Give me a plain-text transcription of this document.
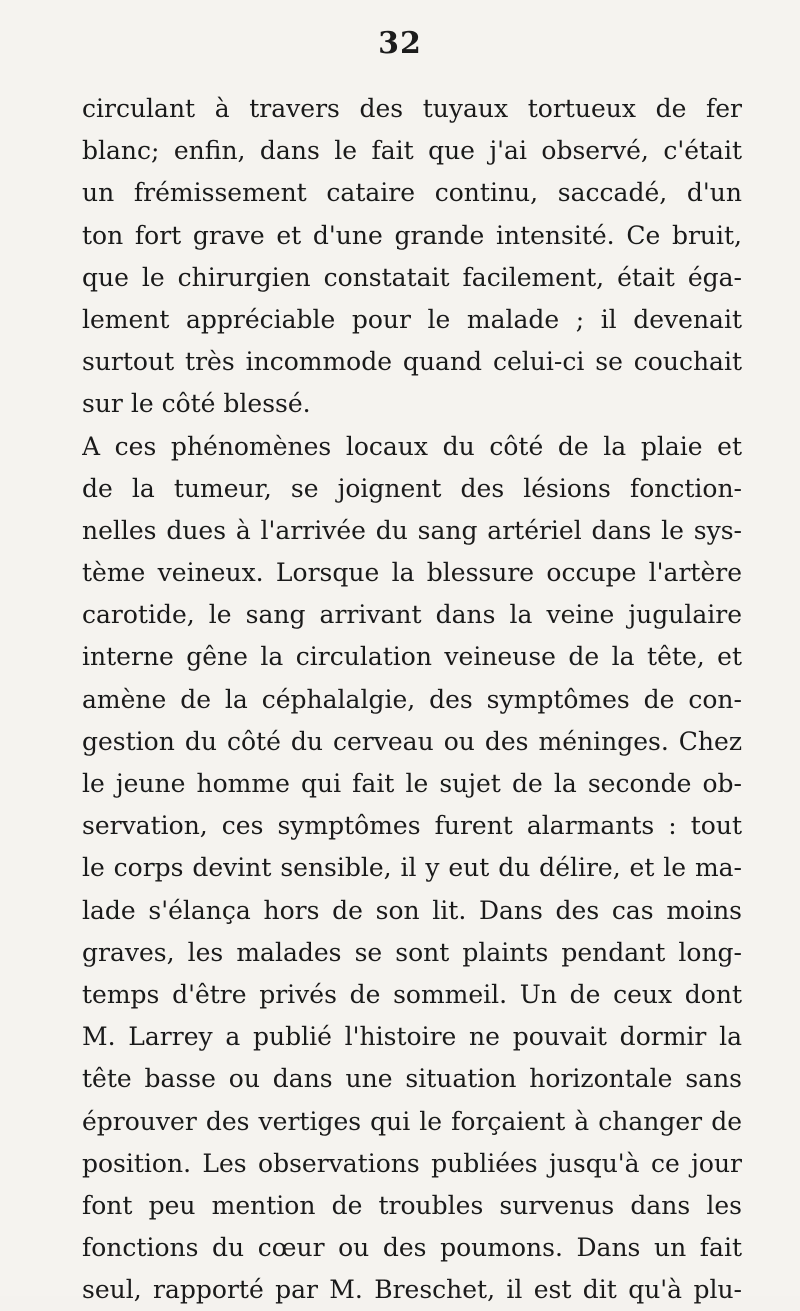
32
circulant à travers des tuyaux tortueux de fer
blanc; enfin, dans le fait que j'ai observé, c'était
un frémissement cataire continu, saccadé, d'un
ton fort grave et d'une grande intensité. Ce bruit,
que le chirurgien constatait facilement, était éga-
lement appréciable pour le malade ; il devenait
surtout très incommode quand celui-ci se couchait
sur le côté blessé.
A ces phénomènes locaux du côté de la plaie et
de la tumeur, se joignent des lésions fonction-
nelles dues à l'arrivée du sang artériel dans le sys-
tème veineux. Lorsque la blessure occupe l'artère
carotide, le sang arrivant dans la veine jugulaire
interne gêne la circulation veineuse de la tête, et
amène de la céphalalgie, des symptômes de con-
gestion du côté du cerveau ou des méninges. Chez
le jeune homme qui fait le sujet de la seconde ob-
servation, ces symptômes furent alarmants : tout
le corps devint sensible, il y eut du délire, et le ma-
lade s'élança hors de son lit. Dans des cas moins
graves, les malades se sont plaints pendant long-
temps d'être privés de sommeil. Un de ceux dont
M. Larrey a publié l'histoire ne pouvait dormir la
tête basse ou dans une situation horizontale sans
éprouver des vertiges qui le forçaient à changer de
position. Les observations publiées jusqu'à ce jour
font peu mention de troubles survenus dans les
fonctions du cœur ou des poumons. Dans un fait
seul, rapporté par M. Breschet, il est dit qu'à plu-
